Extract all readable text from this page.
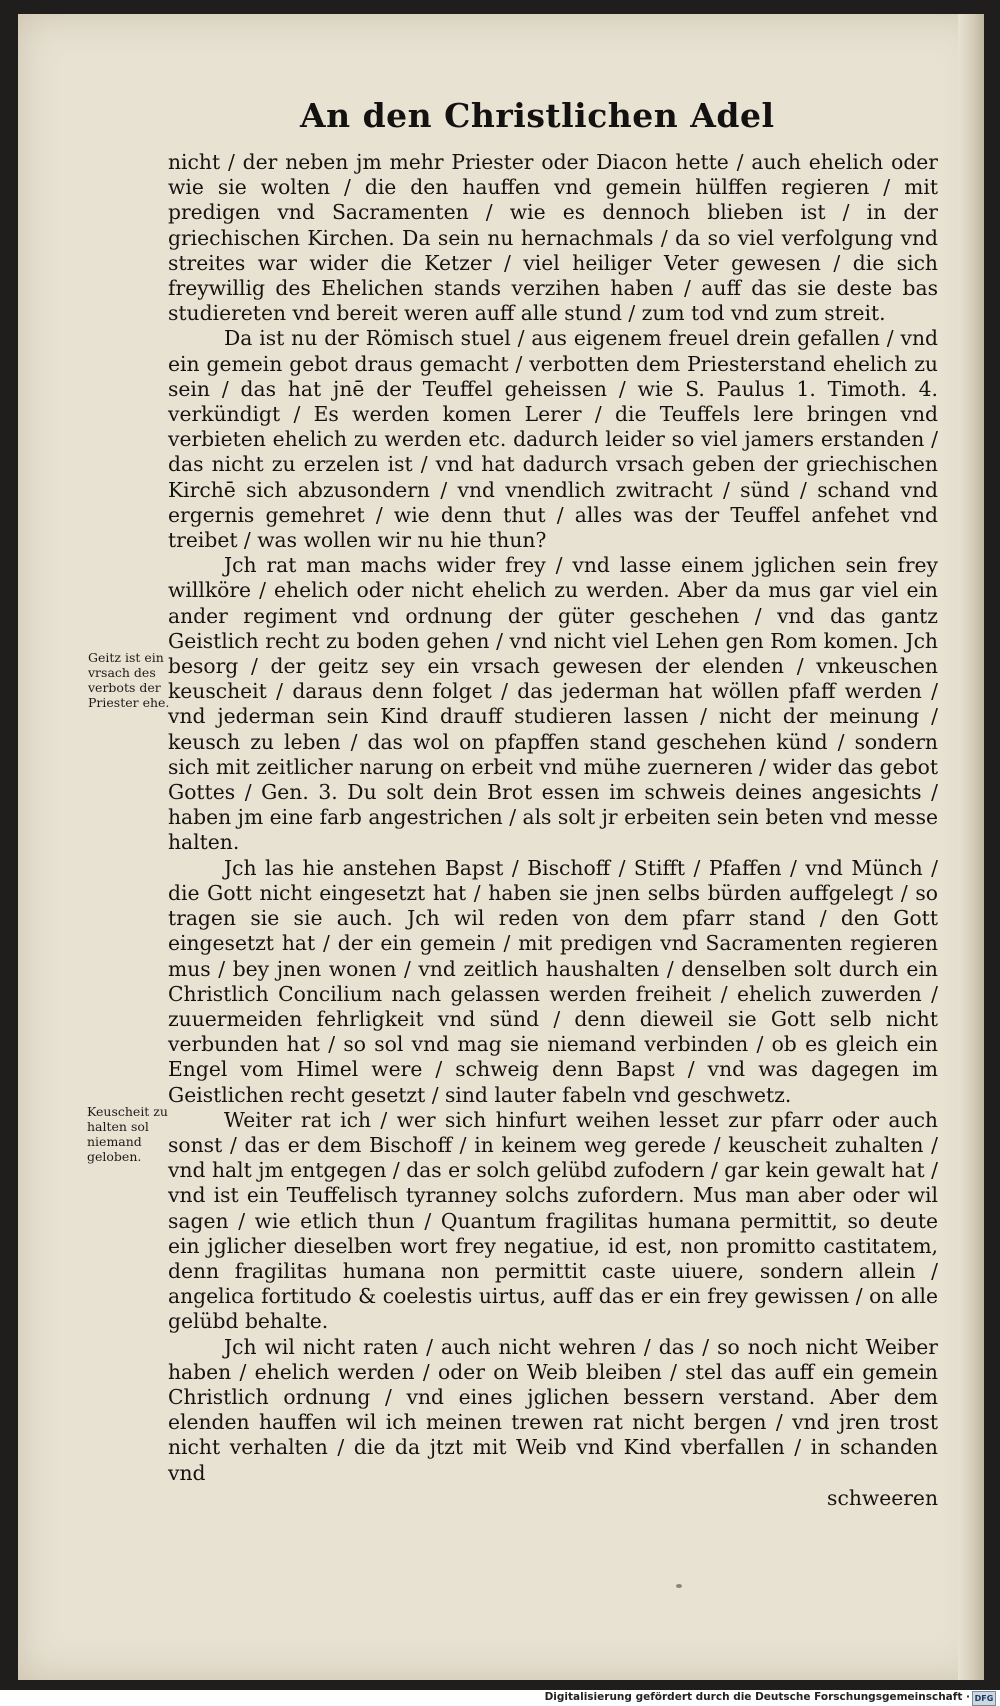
An den Christlichen Adel
Geitz ist ein vrsach des verbots der Priester ehe.
Keuscheit zu halten sol niemand geloben.

nicht / der neben jm mehr Priester oder Diacon hette / auch ehelich oder wie sie wolten / die den hauffen vnd gemein hülffen regieren / mit predigen vnd Sacramenten / wie es dennoch blieben ist / in der griechischen Kirchen. Da sein nu hernachmals / da so viel verfolgung vnd streites war wider die Ketzer / viel heiliger Veter gewesen / die sich freywillig des Ehelichen stands verzihen haben / auff das sie deste bas studiereten vnd bereit weren auff alle stund / zum tod vnd zum streit.

Da ist nu der Römisch stuel / aus eigenem freuel drein gefallen / vnd ein gemein gebot draus gemacht / verbotten dem Priesterstand ehelich zu sein / das hat jnē der Teuffel geheissen / wie S. Paulus 1. Timoth. 4. verkündigt / Es werden komen Lerer / die Teuffels lere bringen vnd verbieten ehelich zu werden etc. dadurch leider so viel jamers erstanden / das nicht zu erzelen ist / vnd hat dadurch vrsach geben der griechischen Kirchē sich abzusondern / vnd vnendlich zwitracht / sünd / schand vnd ergernis gemehret / wie denn thut / alles was der Teuffel anfehet vnd treibet / was wollen wir nu hie thun?

Jch rat man machs wider frey / vnd lasse einem jglichen sein frey willköre / ehelich oder nicht ehelich zu werden. Aber da mus gar viel ein ander regiment vnd ordnung der güter geschehen / vnd das gantz Geistlich recht zu boden gehen / vnd nicht viel Lehen gen Rom komen. Jch besorg / der geitz sey ein vrsach gewesen der elenden / vnkeuschen keuscheit / daraus denn folget / das jederman hat wöllen pfaff werden / vnd jederman sein Kind drauff studieren lassen / nicht der meinung / keusch zu leben / das wol on pfapffen stand geschehen künd / sondern sich mit zeitlicher narung on erbeit vnd mühe zuerneren / wider das gebot Gottes / Gen. 3. Du solt dein Brot essen im schweis deines angesichts / haben jm eine farb angestrichen / als solt jr erbeiten sein beten vnd messe halten.

Jch las hie anstehen Bapst / Bischoff / Stifft / Pfaffen / vnd Münch / die Gott nicht eingesetzt hat / haben sie jnen selbs bürden auffgelegt / so tragen sie sie auch. Jch wil reden von dem pfarr stand / den Gott eingesetzt hat / der ein gemein / mit predigen vnd Sacramenten regieren mus / bey jnen wonen / vnd zeitlich haushalten / denselben solt durch ein Christlich Concilium nach gelassen werden freiheit / ehelich zuwerden / zuuermeiden fehrligkeit vnd sünd / denn dieweil sie Gott selb nicht verbunden hat / so sol vnd mag sie niemand verbinden / ob es gleich ein Engel vom Himel were / schweig denn Bapst / vnd was dagegen im Geistlichen recht gesetzt / sind lauter fabeln vnd geschwetz.

Weiter rat ich / wer sich hinfurt weihen lesset zur pfarr oder auch sonst / das er dem Bischoff / in keinem weg gerede / keuscheit zuhalten / vnd halt jm entgegen / das er solch gelübd zufodern / gar kein gewalt hat / vnd ist ein Teuffelisch tyranney solchs zufordern. Mus man aber oder wil sagen / wie etlich thun / Quantum fragilitas humana permittit, so deute ein jglicher dieselben wort frey negatiue, id est, non promitto castitatem, denn fragilitas humana non permittit caste uiuere, sondern allein / angelica fortitudo & coelestis uirtus, auff das er ein frey gewissen / on alle gelübd behalte.

Jch wil nicht raten / auch nicht wehren / das / so noch nicht Weiber haben / ehelich werden / oder on Weib bleiben / stel das auff ein gemein Christlich ordnung / vnd eines jglichen bessern verstand. Aber dem elenden hauffen wil ich meinen trewen rat nicht bergen / vnd jren trost nicht verhalten / die da jtzt mit Weib vnd Kind vberfallen / in schanden vnd

schweeren

Digitalisierung gefördert durch die Deutsche Forschungsgemeinschaft · DFG
